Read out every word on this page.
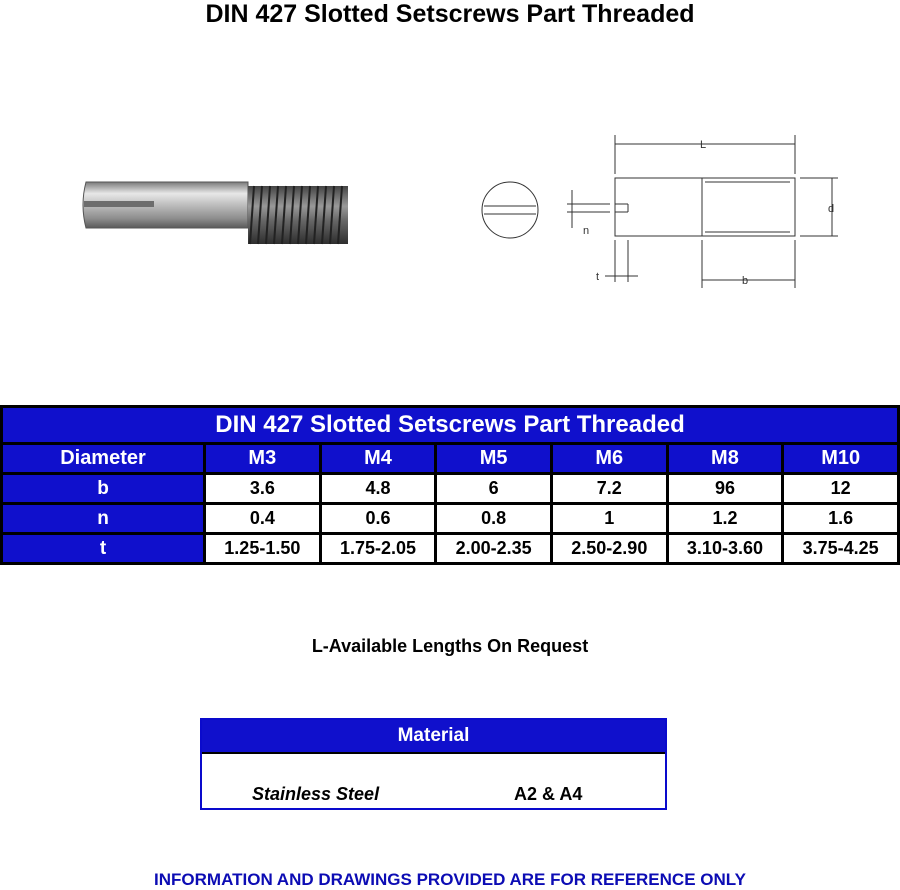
DIN 427 Slotted Setscrews Part Threaded
L
d
n
t	b
DIN 427 Slotted Setscrews Part Threaded						
Diameter	M3	M4	M5	M6	M8	M10
b	3.6	4.8	6	7.2	96	12
n	0.4	0.6	0.8	1	1.2	1.6
t	1.25-1.50	1.75-2.05	2.00-2.35	2.50-2.90	3.10-3.60	3.75-4.25
L-Available Lengths On Request
Material
Stainless Steel	A2 & A4
INFORMATION AND DRAWINGS PROVIDED ARE FOR REFERENCE ONLY
